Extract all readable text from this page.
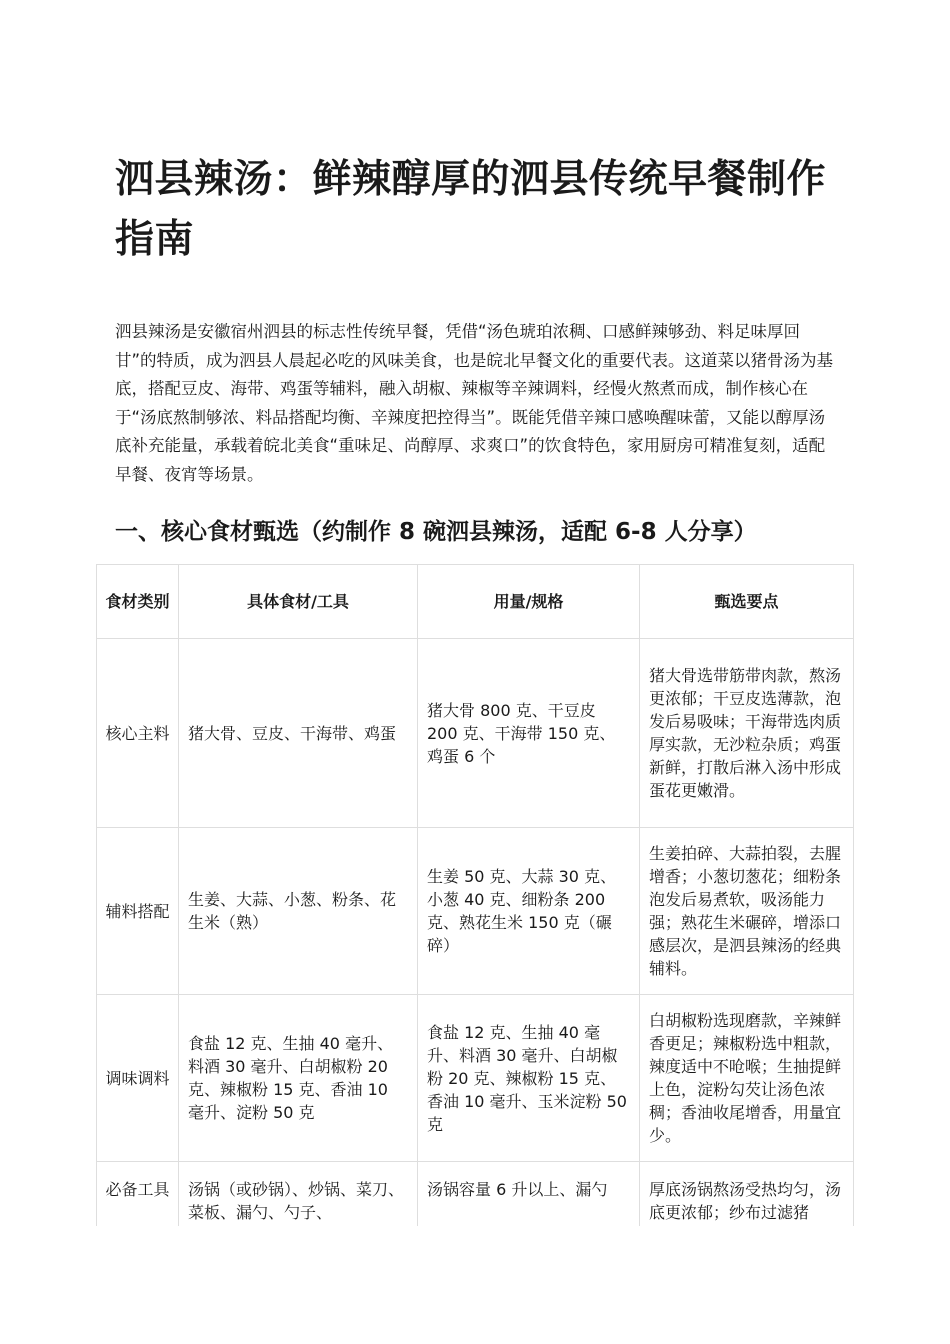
泗县辣汤：鲜辣醇厚的泗县传统早餐制作指南

泗县辣汤是安徽宿州泗县的标志性传统早餐，凭借“汤色琥珀浓稠、口感鲜辣够劲、料足味厚回甘”的特质，成为泗县人晨起必吃的风味美食，也是皖北早餐文化的重要代表。这道菜以猪骨汤为基底，搭配豆皮、海带、鸡蛋等辅料，融入胡椒、辣椒等辛辣调料，经慢火熬煮而成，制作核心在于“汤底熬制够浓、料品搭配均衡、辛辣度把控得当”。既能凭借辛辣口感唤醒味蕾，又能以醇厚汤底补充能量，承载着皖北美食“重味足、尚醇厚、求爽口”的饮食特色，家用厨房可精准复刻，适配早餐、夜宵等场景。

一、核心食材甄选（约制作 8 碗泗县辣汤，适配 6-8 人分享）
食材类别	具体食材/工具	用量/规格	甄选要点
核心主料	猪大骨、豆皮、干海带、鸡蛋	猪大骨 800 克、干豆皮 200 克、干海带 150 克、鸡蛋 6 个	猪大骨选带筋带肉款，熬汤更浓郁；干豆皮选薄款，泡发后易吸味；干海带选肉质厚实款，无沙粒杂质；鸡蛋新鲜，打散后淋入汤中形成蛋花更嫩滑。
辅料搭配	生姜、大蒜、小葱、粉条、花生米（熟）	生姜 50 克、大蒜 30 克、小葱 40 克、细粉条 200 克、熟花生米 150 克（碾碎）	生姜拍碎、大蒜拍裂，去腥增香；小葱切葱花；细粉条泡发后易煮软，吸汤能力强；熟花生米碾碎，增添口感层次，是泗县辣汤的经典辅料。
调味调料	食盐 12 克、生抽 40 毫升、料酒 30 毫升、白胡椒粉 20 克、辣椒粉 15 克、香油 10 毫升、淀粉 50 克	食盐 12 克、生抽 40 毫升、料酒 30 毫升、白胡椒粉 20 克、辣椒粉 15 克、香油 10 毫升、玉米淀粉 50 克	白胡椒粉选现磨款，辛辣鲜香更足；辣椒粉选中粗款，辣度适中不呛喉；生抽提鲜上色，淀粉勾芡让汤色浓稠；香油收尾增香，用量宜少。
必备工具	汤锅（或砂锅）、炒锅、菜刀、菜板、漏勺、勺子、	汤锅容量 6 升以上、漏勺	厚底汤锅熬汤受热均匀，汤底更浓郁；纱布过滤猪
